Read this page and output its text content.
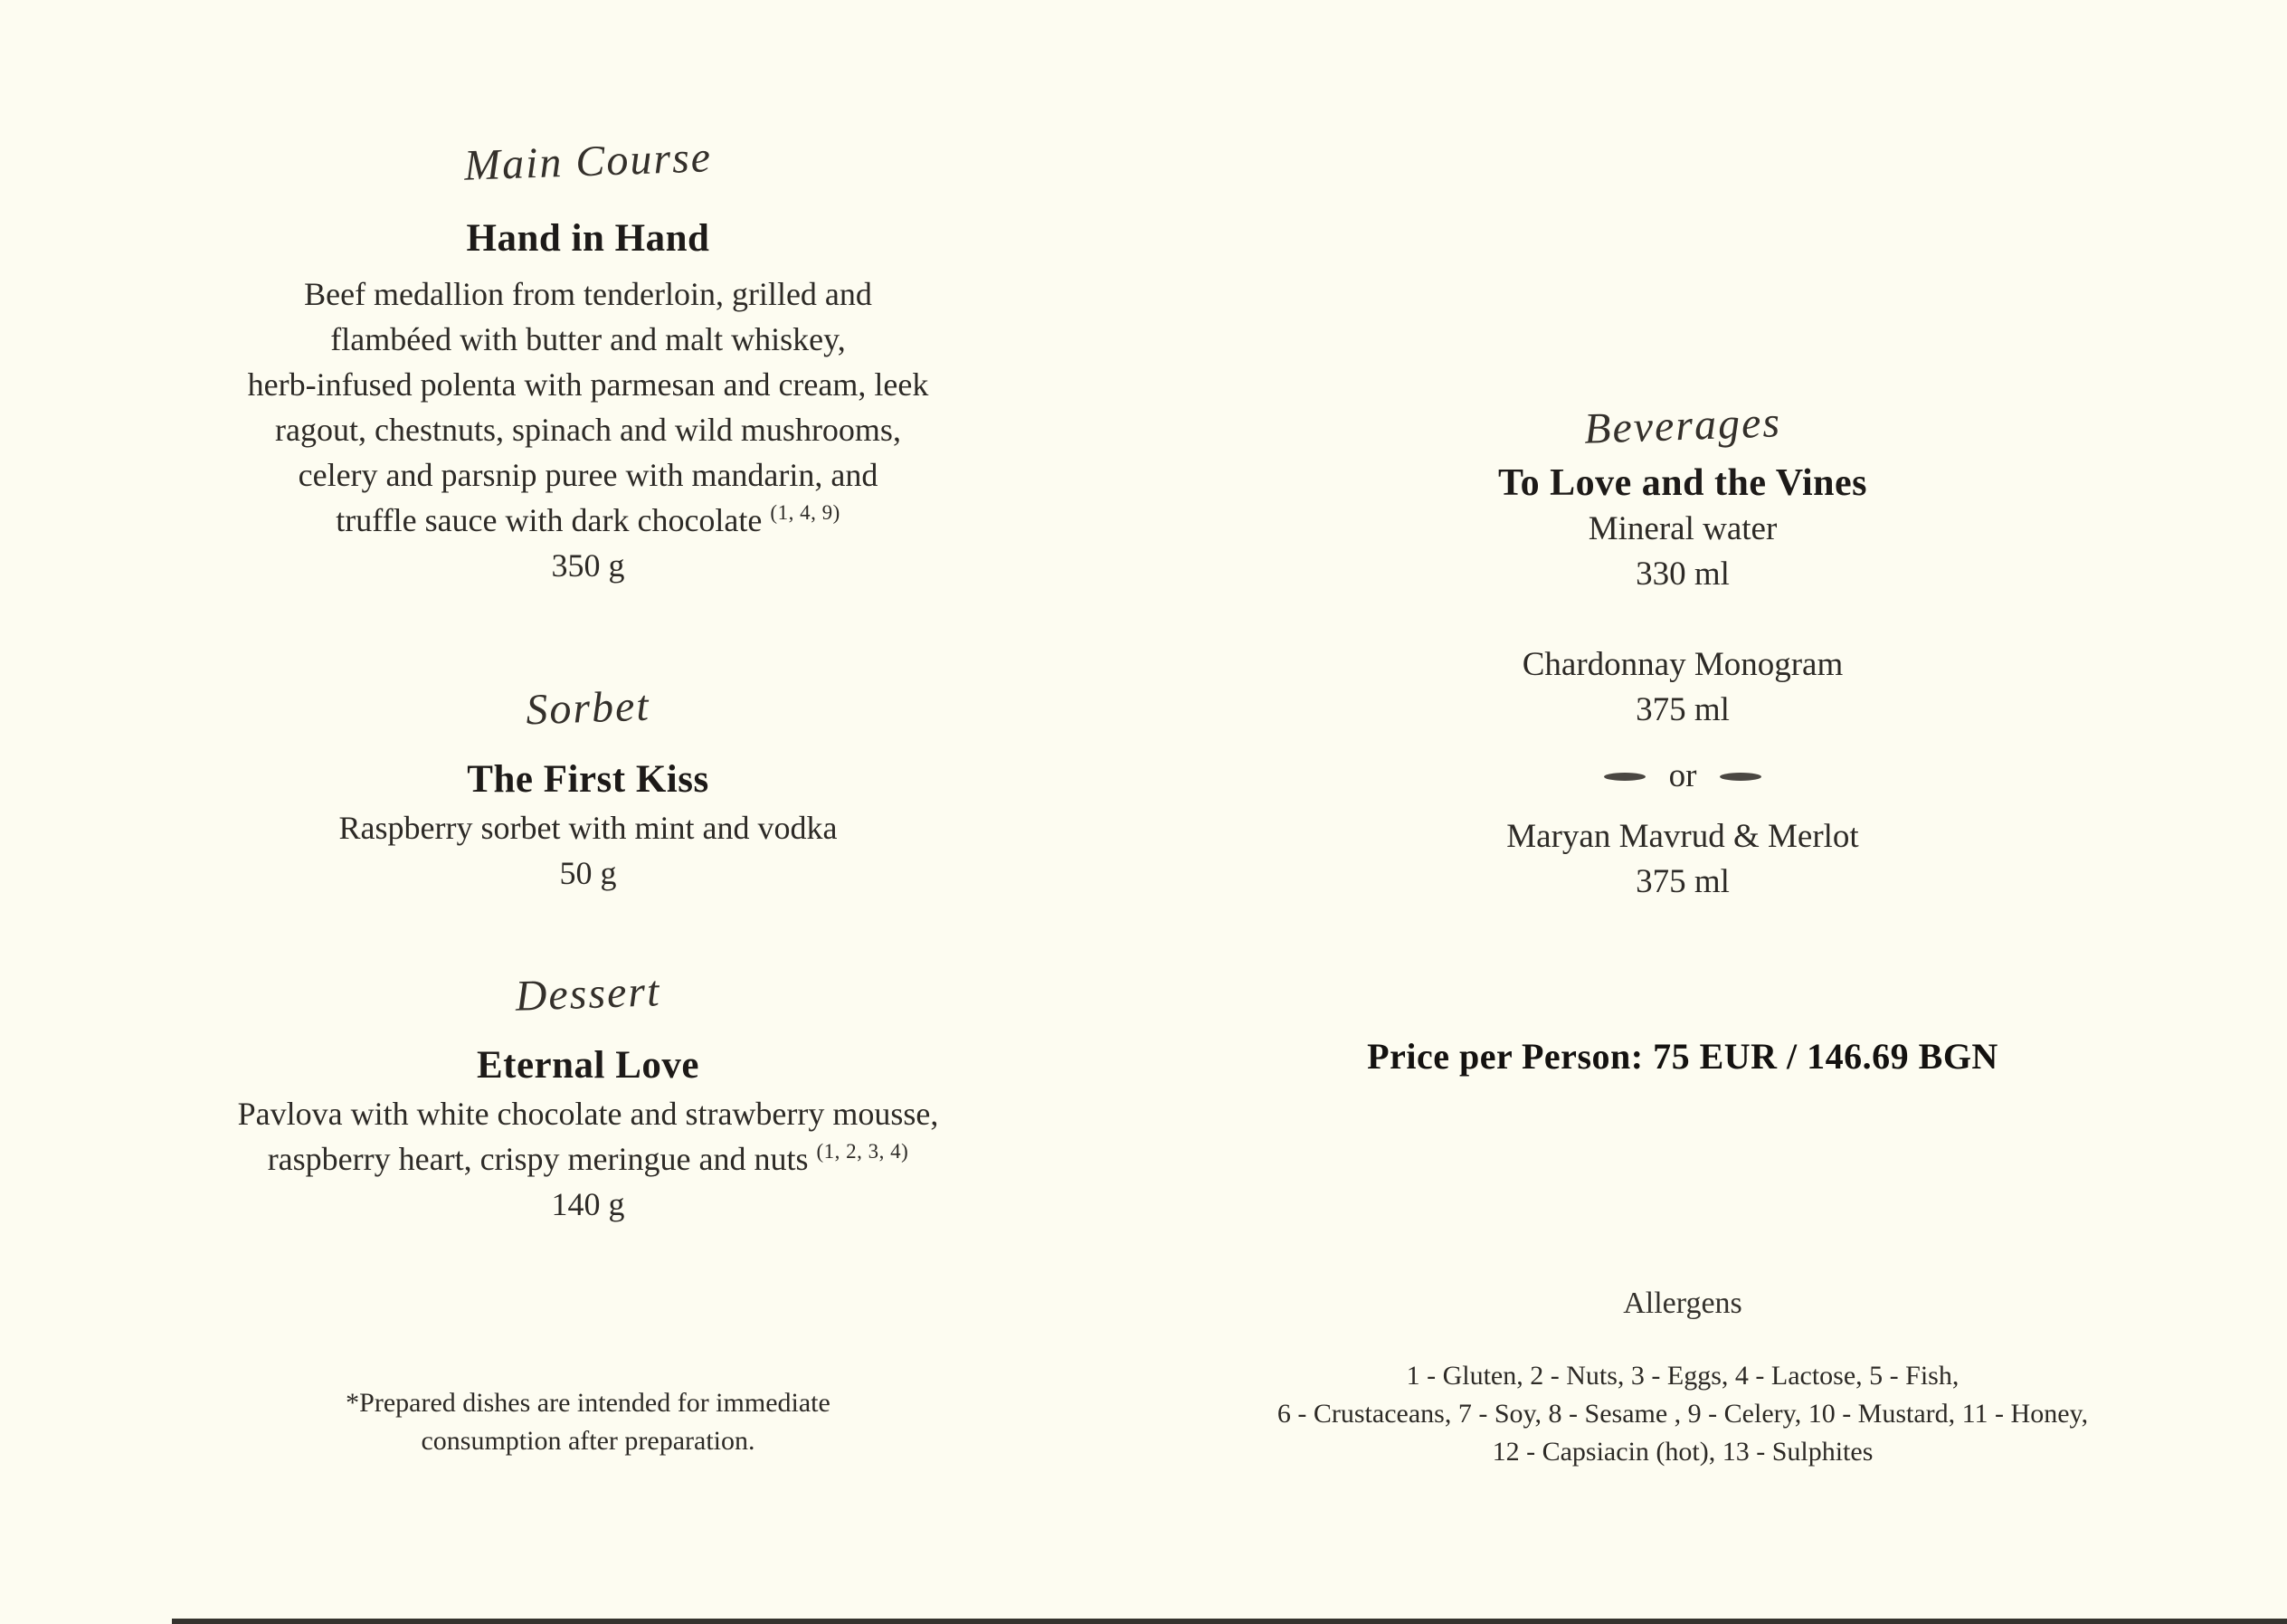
Main Course
Hand in Hand
Beef medallion from tenderloin, grilled and
flambéed with butter and malt whiskey,
herb-infused polenta with parmesan and cream, leek
ragout, chestnuts, spinach and wild mushrooms,
celery and parsnip puree with mandarin, and
truffle sauce with dark chocolate $^{(1, 4, 9)}$
350 g
Sorbet
The First Kiss
Raspberry sorbet with mint and vodka
50 g
Dessert
Eternal Love
Pavlova with white chocolate and strawberry mousse,
raspberry heart, crispy meringue and nuts $^{(1, 2, 3, 4)}$
140 g
*Prepared dishes are intended for immediate
consumption after preparation.
Beverages
To Love and the Vines
Mineral water
330 ml
Chardonnay Monogram
375 ml
or
Maryan Mavrud & Merlot
375 ml
Price per Person: 75 EUR / 146.69 BGN
Allergens
1 - Gluten, 2 - Nuts, 3 - Eggs, 4 - Lactose, 5 - Fish,
6 - Crustaceans, 7 - Soy, 8 - Sesame , 9 - Celery, 10 - Mustard, 11 - Honey,
12 - Capsiacin (hot), 13 - Sulphites
